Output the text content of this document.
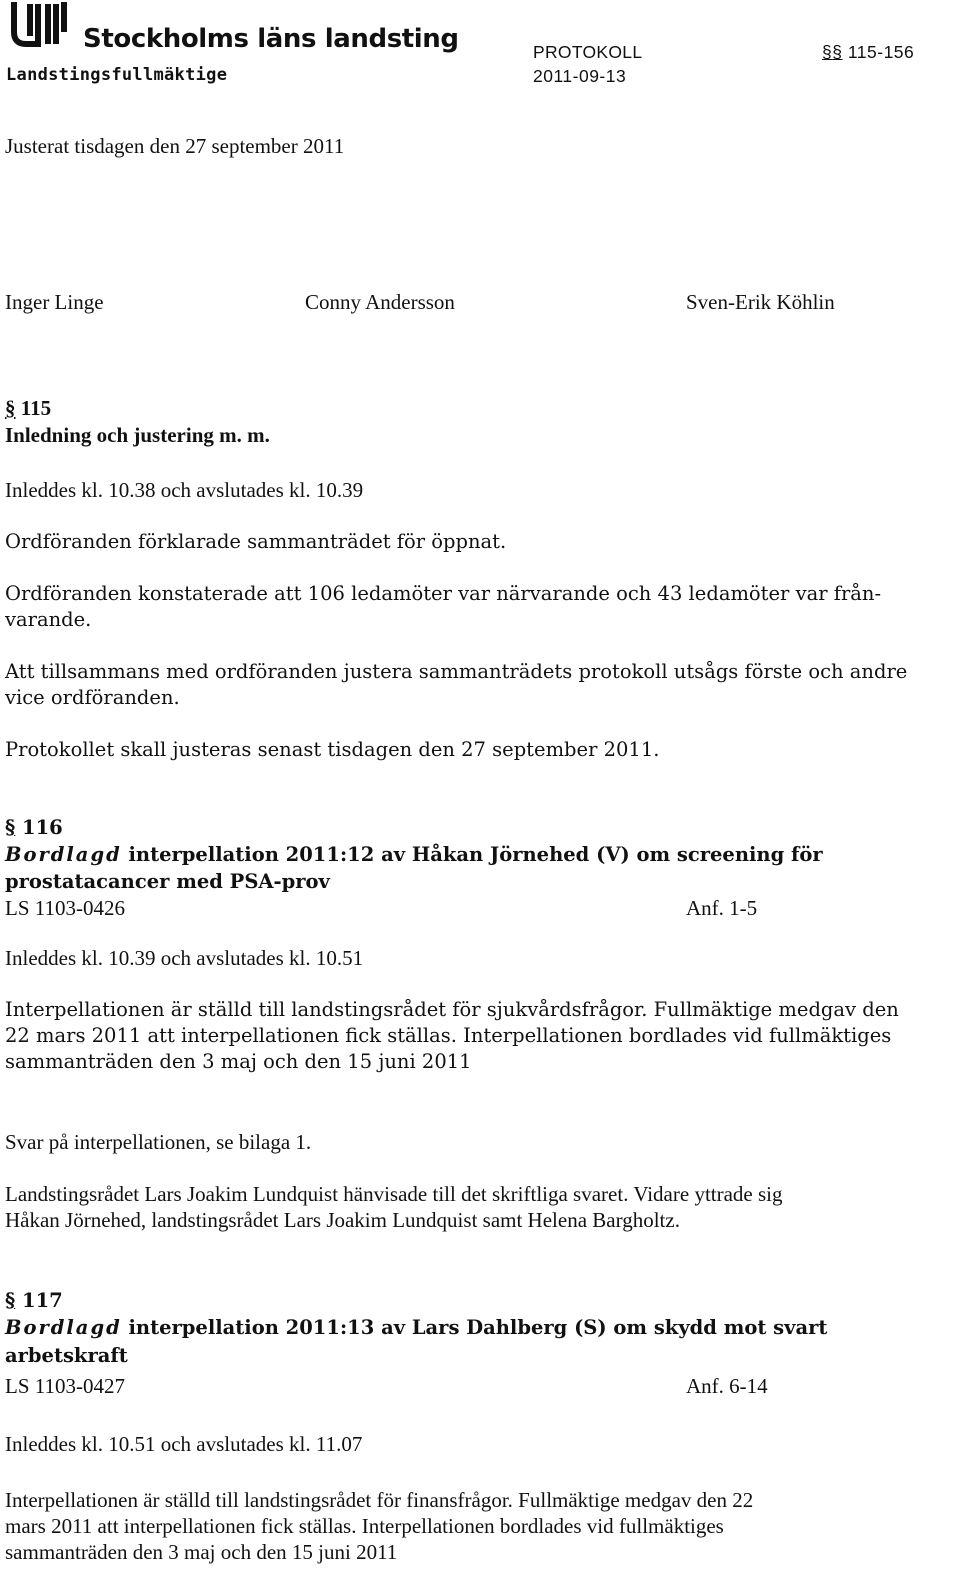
Stockholms läns landsting
Landstingsfullmäktige
PROTOKOLL
2011-09-13
§§ 115-156
Justerat tisdagen den 27 september 2011
Inger Linge	Conny Andersson	Sven-Erik Köhlin
§ 115
Inledning och justering m. m.
Inleddes kl. 10.38 och avslutades kl. 10.39
Ordföranden förklarade sammanträdet för öppnat.
Ordföranden konstaterade att 106 ledamöter var närvarande och 43 ledamöter var från-
varande.
Att tillsammans med ordföranden justera sammanträdets protokoll utsågs förste och andre
vice ordföranden.
Protokollet skall justeras senast tisdagen den 27 september 2011.
§ 116
Bordlagd interpellation 2011:12 av Håkan Jörnehed (V) om screening för
prostatacancer med PSA-prov
LS 1103-0426	Anf. 1-5
Inleddes kl. 10.39 och avslutades kl. 10.51
Interpellationen är ställd till landstingsrådet för sjukvårdsfrågor. Fullmäktige medgav den
22 mars 2011 att interpellationen fick ställas. Interpellationen bordlades vid fullmäktiges
sammanträden den 3 maj och den 15 juni 2011
Svar på interpellationen, se bilaga 1.
Landstingsrådet Lars Joakim Lundquist hänvisade till det skriftliga svaret. Vidare yttrade sig
Håkan Jörnehed, landstingsrådet Lars Joakim Lundquist samt Helena Bargholtz.
§ 117
Bordlagd interpellation 2011:13 av Lars Dahlberg (S) om skydd mot svart
arbetskraft
LS 1103-0427	Anf. 6-14
Inleddes kl. 10.51 och avslutades kl. 11.07
Interpellationen är ställd till landstingsrådet för finansfrågor. Fullmäktige medgav den 22
mars 2011 att interpellationen fick ställas. Interpellationen bordlades vid fullmäktiges
sammanträden den 3 maj och den 15 juni 2011
